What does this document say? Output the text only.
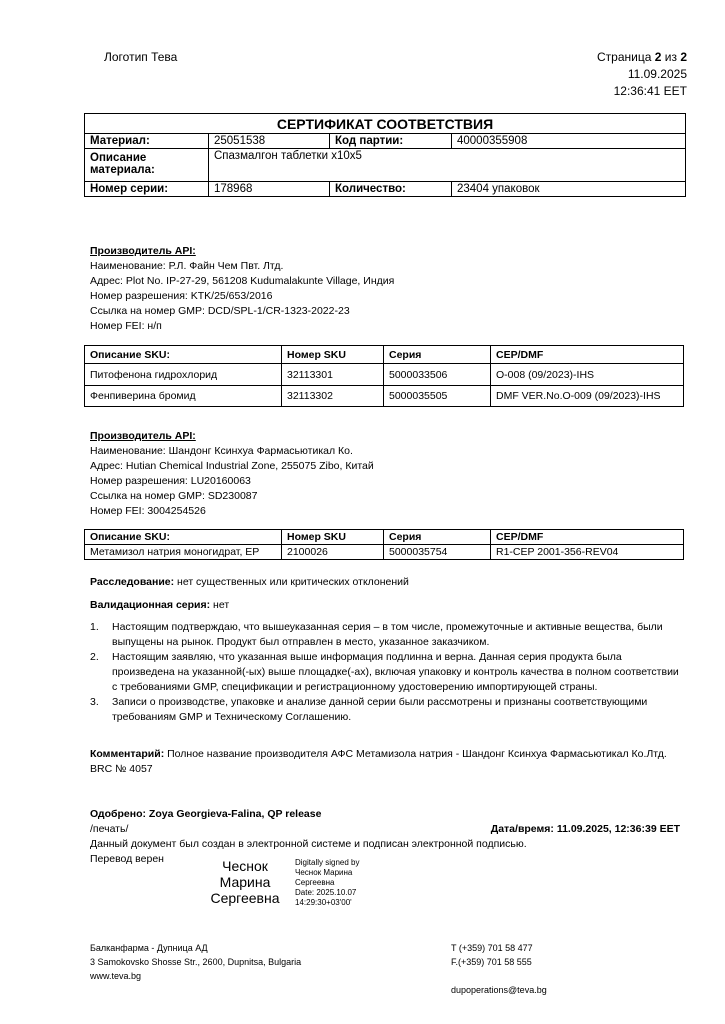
Логотип Тева	Страница 2 из 2
11.09.2025
12:36:41 EET
СЕРТИФИКАТ СООТВЕТСТВИЯ
Материал:	25051538	Код партии:	40000355908
Описание материала:
Спазмалгон таблетки x10x5
Номер серии:	178968	Количество:	23404 упаковок
Производитель API:
Наименование: Р.Л. Файн Чем Пвт. Лтд.
Адрес: Plot No. IP-27-29, 561208 Kudumalakunte Village, Индия
Номер разрешения: KTK/25/653/2016
Ссылка на номер GMP: DCD/SPL-1/CR-1323-2022-23
Номер FEI: н/п
Описание SKU:	Номер SKU	Серия	CEP/DMF
Питофенона гидрохлорид	32113301	5000033506	O-008 (09/2023)-IHS
Фенпиверина бромид	32113302	5000035505	DMF VER.No.O-009 (09/2023)-IHS
Производитель API:
Наименование: Шандонг Ксинхуа Фармасьютикал Ко.
Адрес: Hutian Chemical Industrial Zone, 255075 Zibo, Китай
Номер разрешения: LU20160063
Ссылка на номер GMP: SD230087
Номер FEI: 3004254526
Описание SKU:	Номер SKU	Серия	CEP/DMF
Метамизол натрия моногидрат, EP	2100026	5000035754	R1-CEP 2001-356-REV04
Расследование: нет существенных или критических отклонений
Валидационная серия: нет
1.	Настоящим подтверждаю, что вышеуказанная серия – в том числе, промежуточные и активные вещества, были выпущены на рынок. Продукт был отправлен в место, указанное заказчиком.
2.	Настоящим заявляю, что указанная выше информация подлинна и верна. Данная серия продукта была произведена на указанной(-ых) выше площадке(-ах), включая упаковку и контроль качества в полном соответствии с требованиями GMP, спецификации и регистрационному удостоверению импортирующей страны.
3.	Записи о производстве, упаковке и анализе данной серии были рассмотрены и признаны соответствующими требованиям GMP и Техническому Соглашению.
Комментарий: Полное название производителя АФС Метамизола натрия - Шандонг Ксинхуа Фармасьютикал Ко.Лтд.
BRC № 4057
Одобрено: Zoya Georgieva-Falina, QP release
/печать/	Дата/время: 11.09.2025, 12:36:39 EET
Данный документ был создан в электронной системе и подписан электронной подписью.
Перевод верен	Чеснок
Марина
Сергеевна
Digitally signed by
Чеснок Марина
Сергеевна
Date: 2025.10.07
14:29:30+03'00'
Балканфарма - Дупница АД
3 Samokovsko Shosse Str., 2600, Dupnitsa, Bulgaria
www.teva.bg
T (+359) 701 58 477
F.(+359) 701 58 555
dupoperations@teva.bg
